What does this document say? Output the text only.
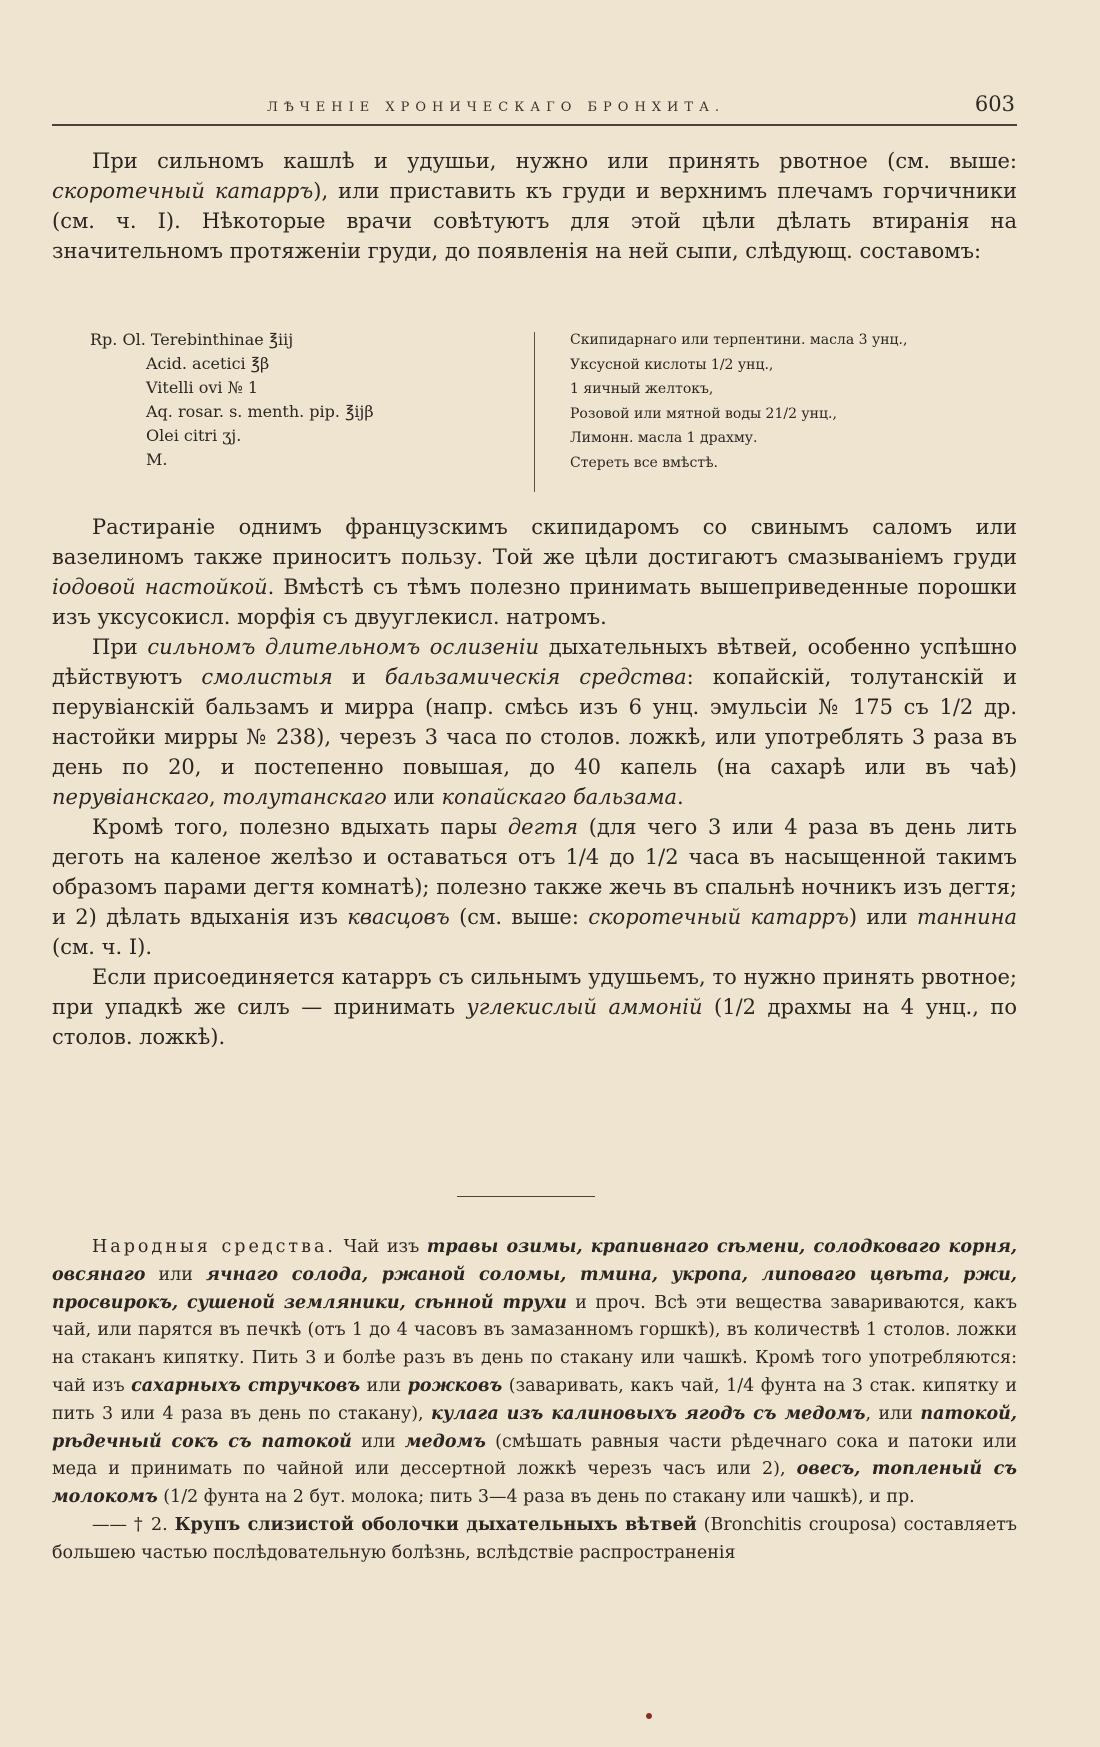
ЛѢЧЕНІЕ ХРОНИЧЕСКАГО БРОНХИТА.	603

При сильномъ кашлѣ и удушьи, нужно или принять рвотное (см. выше: скоротечный катарръ), или приставить къ груди и верхнимъ плечамъ горчичники (см. ч. I). Нѣкоторые врачи совѣтуютъ для этой цѣли дѣлать втиранія на значительномъ протяженіи груди, до появленія на ней сыпи, слѣдующ. составомъ:

Rp. Ol. Terebinthinae ℥iij
Acid. acetici ℥β
Vitelli ovi № 1
Aq. rosar. s. menth. pip. ℥ijβ
Olei citri ʒj.
M.
Скипидарнаго или терпентини. масла 3 унц.,
Уксусной кислоты 1/2 унц.,
1 яичный желтокъ,
Розовой или мятной воды 21/2 унц.,
Лимонн. масла 1 драхму.
Стереть все вмѣстѣ.

Растираніе однимъ французскимъ скипидаромъ со свинымъ саломъ или вазелиномъ также приноситъ пользу. Той же цѣли достигаютъ смазываніемъ груди іодовой настойкой. Вмѣстѣ съ тѣмъ полезно принимать вышеприведенные порошки изъ уксусокисл. морфія съ двууглекисл. натромъ.

При сильномъ длительномъ ослизеніи дыхательныхъ вѣтвей, особенно успѣшно дѣйствуютъ смолистыя и бальзамическія средства: копайскій, толутанскій и перувіанскій бальзамъ и мирра (напр. смѣсь изъ 6 унц. эмульсіи № 175 съ 1/2 др. настойки мирры № 238), черезъ 3 часа по столов. ложкѣ, или употреблять 3 раза въ день по 20, и постепенно повышая, до 40 капель (на сахарѣ или въ чаѣ) перувіанскаго, толутанскаго или копайскаго бальзама.

Кромѣ того, полезно вдыхать пары дегтя (для чего 3 или 4 раза въ день лить деготь на каленое желѣзо и оставаться отъ 1/4 до 1/2 часа въ насыщенной такимъ образомъ парами дегтя комнатѣ); полезно также жечь въ спальнѣ ночникъ изъ дегтя; и 2) дѣлать вдыханія изъ квасцовъ (см. выше: скоротечный катарръ) или таннина (см. ч. I).

Если присоединяется катарръ съ сильнымъ удушьемъ, то нужно принять рвотное; при упадкѣ же силъ — принимать углекислый аммоній (1/2 драхмы на 4 унц., по столов. ложкѣ).

Народныя средства. Чай изъ травы озимы, крапивнаго сѣмени, солодковаго корня, овсянаго или ячнаго солода, ржаной соломы, тмина, укропа, липоваго цвѣта, ржи, просвирокъ, сушеной земляники, сѣнной трухи и проч. Всѣ эти вещества завариваются, какъ чай, или парятся въ печкѣ (отъ 1 до 4 часовъ въ замазанномъ горшкѣ), въ количествѣ 1 столов. ложки на стаканъ кипятку. Пить 3 и болѣе разъ въ день по стакану или чашкѣ. Кромѣ того употребляются: чай изъ сахарныхъ стручковъ или рожковъ (заваривать, какъ чай, 1/4 фунта на 3 стак. кипятку и пить 3 или 4 раза въ день по стакану), кулага изъ калиновыхъ ягодъ съ медомъ, или патокой, рѣдечный сокъ съ патокой или медомъ (смѣшать равныя части рѣдечнаго сока и патоки или меда и принимать по чайной или дессертной ложкѣ черезъ часъ или 2), овесъ, топленый съ молокомъ (1/2 фунта на 2 бут. молока; пить 3—4 раза въ день по стакану или чашкѣ), и пр.

—— † 2. Крупъ слизистой оболочки дыхательныхъ вѣтвей (Bronchitis crouposa) составляетъ большею частью послѣдовательную болѣзнь, вслѣдствіе распространенія
